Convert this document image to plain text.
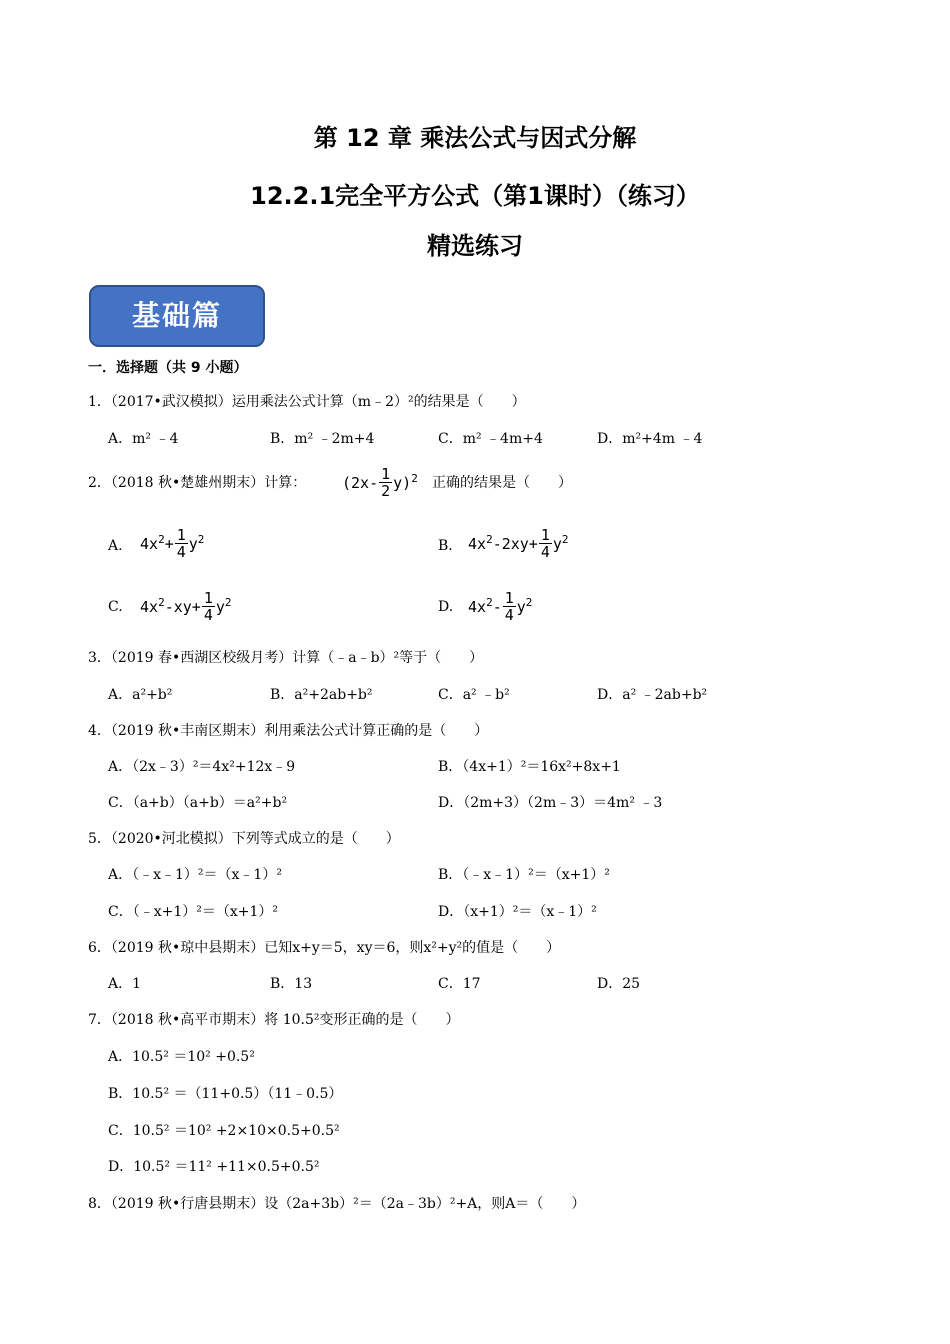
第 12 章 乘法公式与因式分解
12.2.1完全平方公式（第1课时）（练习）
精选练习
基础篇
一．选择题（共 9 小题）
1．（2017•武汉模拟）运用乘法公式计算（m﹣2）²的结果是（　　）
A．m² ﹣4	B．m² ﹣2m+4	C．m² ﹣4m+4	D．m²+4m ﹣4
2．（2018 秋•楚雄州期末）计算： $(2x- \frac{1}{2} y)^2$ 正确的结果是（　　）
A. $4x^2+ \frac{1}{4} y^2$	B. $4x^2-2xy+ \frac{1}{4} y^2$
C. $4x^2-xy+ \frac{1}{4} y^2$	D. $4x^2- \frac{1}{4} y^2$
3．（2019 春•西湖区校级月考）计算（﹣a﹣b）²等于（　　）
A．a²+b²	B．a²+2ab+b²	C．a² ﹣b²	D．a² ﹣2ab+b²
4．（2019 秋•丰南区期末）利用乘法公式计算正确的是（　　）
A．（2x﹣3）²＝4x²+12x﹣9	B．（4x+1）²＝16x²+8x+1
C．（a+b）（a+b）＝a²+b²	D．（2m+3）（2m﹣3）＝4m² ﹣3
5．（2020•河北模拟）下列等式成立的是（　　）
A．（﹣x﹣1）²＝（x﹣1）²	B．（﹣x﹣1）²＝（x+1）²
C．（﹣x+1）²＝（x+1）²	D．（x+1）²＝（x﹣1）²
6．（2019 秋•琼中县期末）已知x+y＝5，xy＝6，则x²+y²的值是（　　）
A．1	B．13	C．17	D．25
7．（2018 秋•高平市期末）将 10.5²变形正确的是（　　）
A．10.5² ＝10² +0.5²
B．10.5² ＝（11+0.5）（11﹣0.5）
C．10.5² ＝10² +2×10×0.5+0.5²
D．10.5² ＝11² +11×0.5+0.5²
8．（2019 秋•行唐县期末）设（2a+3b）²＝（2a﹣3b）²+A，则A＝（　　）
